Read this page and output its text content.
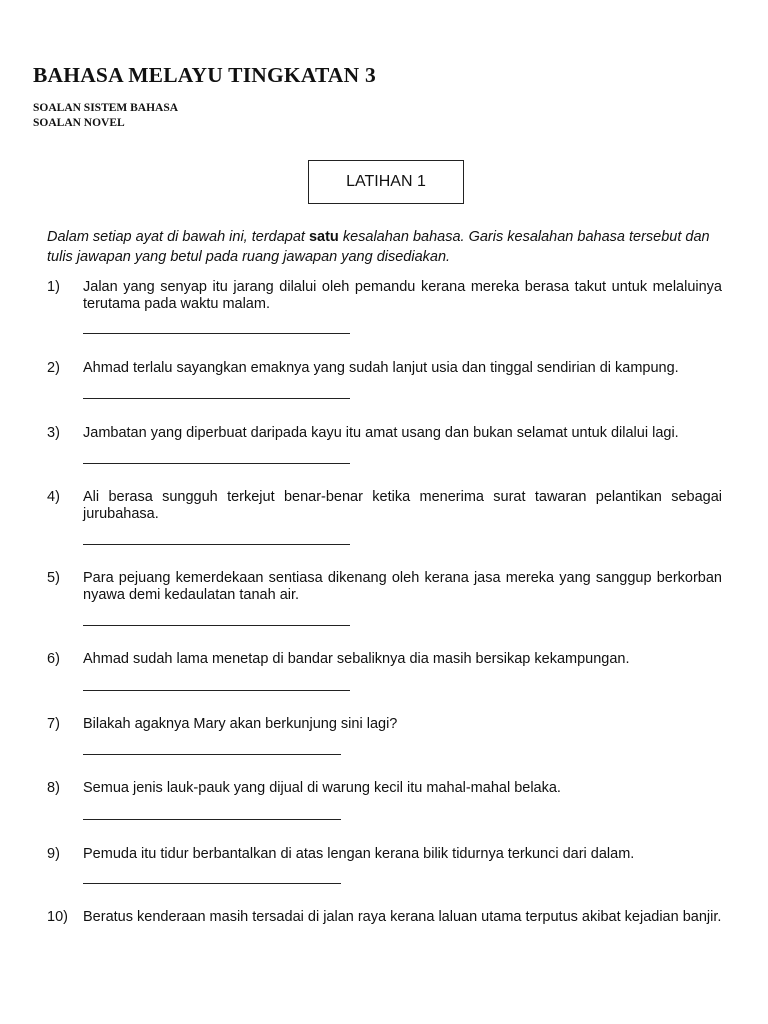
BAHASA MELAYU TINGKATAN 3
SOALAN SISTEM BAHASA
SOALAN NOVEL
LATIHAN 1
Dalam setiap ayat di bawah ini, terdapat satu kesalahan bahasa. Garis kesalahan bahasa tersebut dan tulis jawapan yang betul pada ruang jawapan yang disediakan.
1) Jalan yang senyap itu jarang dilalui oleh pemandu kerana mereka berasa takut untuk melaluinya terutama pada waktu malam.
2) Ahmad terlalu sayangkan emaknya yang sudah lanjut usia dan tinggal sendirian di kampung.
3) Jambatan yang diperbuat daripada kayu itu amat usang dan bukan selamat untuk dilalui lagi.
4) Ali berasa sungguh terkejut benar-benar ketika menerima surat tawaran pelantikan sebagai jurubahasa.
5) Para pejuang kemerdekaan sentiasa dikenang oleh kerana jasa mereka yang sanggup berkorban nyawa demi kedaulatan tanah air.
6) Ahmad sudah lama menetap di bandar sebaliknya dia masih bersikap kekampungan.
7) Bilakah agaknya Mary akan berkunjung sini lagi?
8) Semua jenis lauk-pauk yang dijual di warung kecil itu mahal-mahal belaka.
9) Pemuda itu tidur berbantalkan di atas lengan kerana bilik tidurnya terkunci dari dalam.
10) Beratus kenderaan masih tersadai di jalan raya kerana laluan utama terputus akibat kejadian banjir.
